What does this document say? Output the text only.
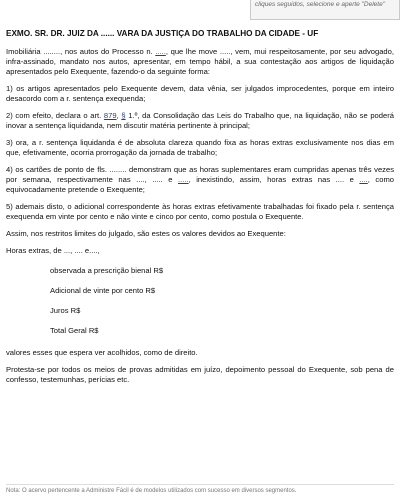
cliques seguidos, selecione e aperte "Delete"
EXMO. SR. DR. JUIZ DA ...... VARA DA JUSTIÇA DO TRABALHO DA CIDADE - UF

Imobiliária ........, nos autos do Processo n. ....., que lhe move ....., vem, mui respeitosamente, por seu advogado, infra-assinado, mandato nos autos, apresentar, em tempo hábil, a sua contestação aos artigos de liquidação apresentados pelo Exequente, fazendo-o da seguinte forma:

1) os artigos apresentados pelo Exequente devem, data vênia, ser julgados improcedentes, porque em inteiro desacordo com a r. sentença exequenda;

2) com efeito, declara o art. 879, § 1.º, da Consolidação das Leis do Trabalho que, na liquidação, não se poderá inovar a sentença liquidanda, nem discutir matéria pertinente à principal;

3) ora, a r. sentença liquidanda é de absoluta clareza quando fixa as horas extras exclusivamente nos dias em que, efetivamente, ocorria prorrogação da jornada de trabalho;

4) os cartões de ponto de fls. ........ demonstram que as horas suplementares eram cumpridas apenas três vezes por semana, respectivamente nas ...., ..... e ....., inexistindo, assim, horas extras nas .... e ...., como equivocadamente pretende o Exequente;

5) ademais disto, o adicional correspondente às horas extras efetivamente trabalhadas foi fixado pela r. sentença exequenda em vinte por cento e não vinte e cinco por cento, como postula o Exequente.

Assim, nos restritos limites do julgado, são estes os valores devidos ao Exequente:

Horas extras, de ..., .... e....,

observada a prescrição bienal R$
Adicional de vinte por cento R$
Juros R$
Total Geral R$

valores esses que espera ver acolhidos, como de direito.

Protesta-se por todos os meios de provas admitidas em juízo, depoimento pessoal do Exequente, sob pena de confesso, testemunhas, perícias etc.

Nota: O acervo pertencente a Administre Fácil é de modelos utilizados com sucesso em diversos segmentos.
